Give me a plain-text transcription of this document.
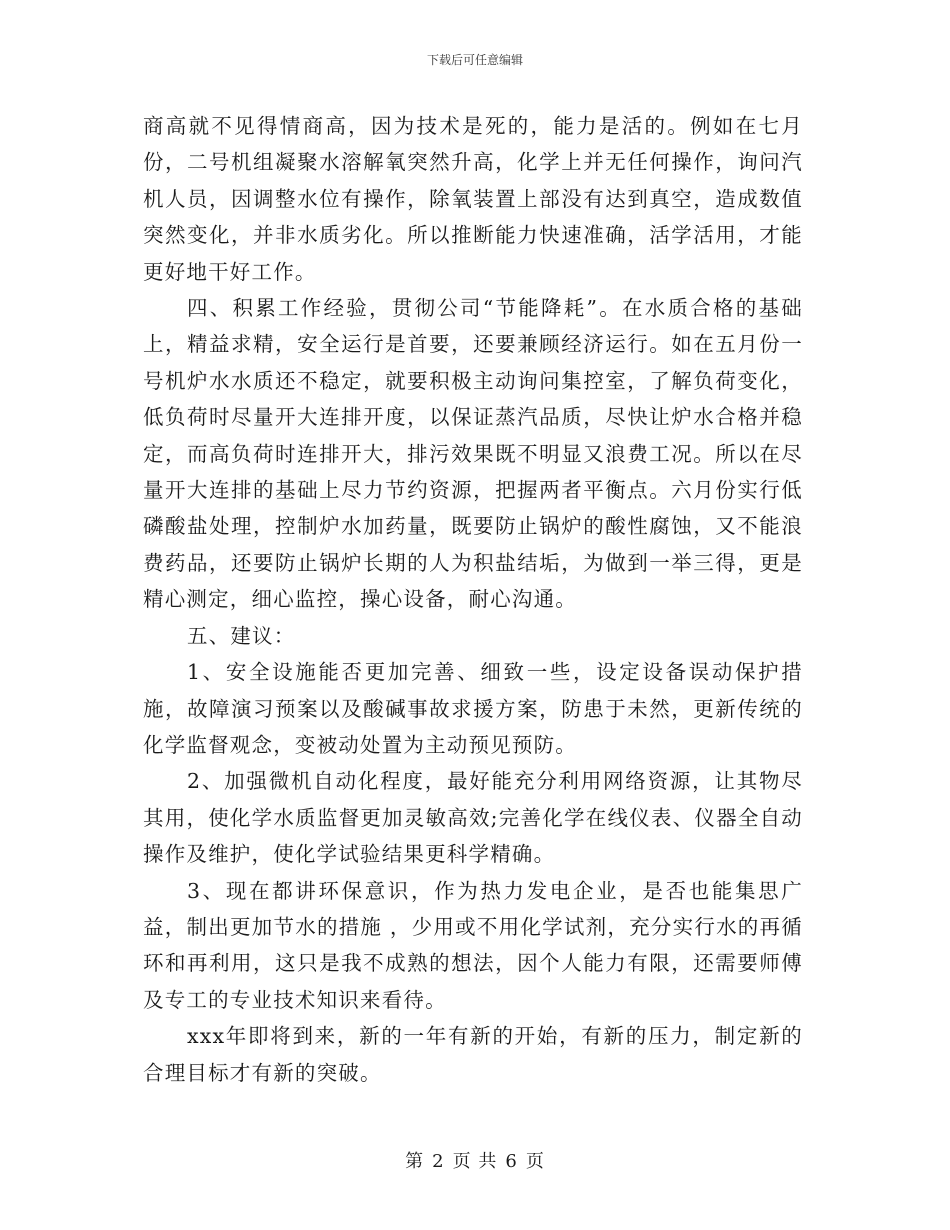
下载后可任意编辑

商高就不见得情商高，因为技术是死的，能力是活的。例如在七月份，二号机组凝聚水溶解氧突然升高，化学上并无任何操作，询问汽机人员，因调整水位有操作，除氧装置上部没有达到真空，造成数值突然变化，并非水质劣化。所以推断能力快速准确，活学活用，才能更好地干好工作。

四、积累工作经验，贯彻公司“节能降耗”。在水质合格的基础上，精益求精，安全运行是首要，还要兼顾经济运行。如在五月份一号机炉水水质还不稳定，就要积极主动询问集控室，了解负荷变化，低负荷时尽量开大连排开度，以保证蒸汽品质，尽快让炉水合格并稳定，而高负荷时连排开大，排污效果既不明显又浪费工况。所以在尽量开大连排的基础上尽力节约资源，把握两者平衡点。六月份实行低磷酸盐处理，控制炉水加药量，既要防止锅炉的酸性腐蚀，又不能浪费药品，还要防止锅炉长期的人为积盐结垢，为做到一举三得，更是精心测定，细心监控，操心设备，耐心沟通。

五、建议：

1、安全设施能否更加完善、细致一些，设定设备误动保护措施，故障演习预案以及酸碱事故求援方案，防患于未然，更新传统的化学监督观念，变被动处置为主动预见预防。

2、加强微机自动化程度，最好能充分利用网络资源，让其物尽其用，使化学水质监督更加灵敏高效;完善化学在线仪表、仪器全自动操作及维护，使化学试验结果更科学精确。

3、现在都讲环保意识，作为热力发电企业，是否也能集思广益，制出更加节水的措施 ，少用或不用化学试剂，充分实行水的再循环和再利用，这只是我不成熟的想法，因个人能力有限，还需要师傅及专工的专业技术知识来看待。

xxx年即将到来，新的一年有新的开始，有新的压力，制定新的合理目标才有新的突破。

第 2 页 共 6 页
